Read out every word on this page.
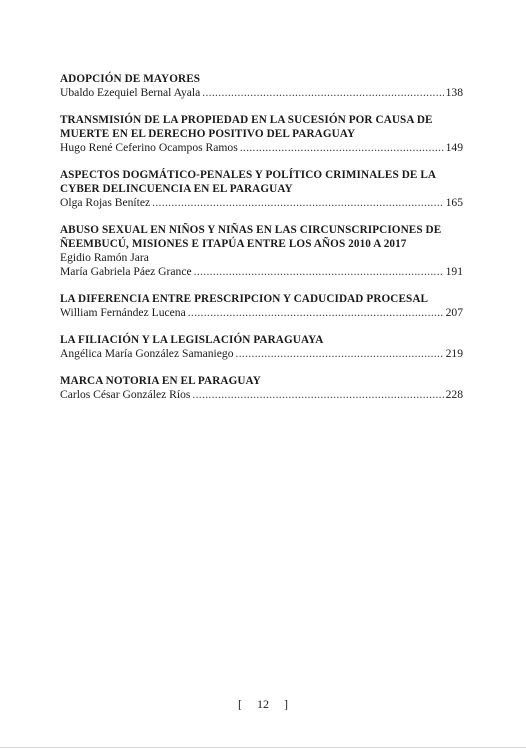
ADOPCIÓN DE MAYORES
Ubaldo Ezequiel Bernal Ayala .....	138
TRANSMISIÓN DE LA PROPIEDAD EN LA SUCESIÓN POR CAUSA DE
MUERTE EN EL DERECHO POSITIVO DEL PARAGUAY
Hugo René Ceferino Ocampos Ramos .....	149
ASPECTOS DOGMÁTICO-PENALES Y POLÍTICO CRIMINALES DE LA
CYBER DELINCUENCIA EN EL PARAGUAY
Olga Rojas Benítez .....	165
ABUSO SEXUAL EN NIÑOS Y NIÑAS EN LAS CIRCUNSCRIPCIONES DE
ÑEEMBUCÚ, MISIONES E ITAPÚA ENTRE LOS AÑOS 2010 A 2017
Egidio Ramón Jara
María Gabriela Páez Grance .....	191
LA DIFERENCIA ENTRE PRESCRIPCION Y CADUCIDAD PROCESAL
William Fernández Lucena .....	207
LA FILIACIÓN Y LA LEGISLACIÓN PARAGUAYA
Angélica María González Samaniego .....	219
MARCA NOTORIA EN EL PARAGUAY
Carlos César González Ríos .....	228
[ 12 ]
